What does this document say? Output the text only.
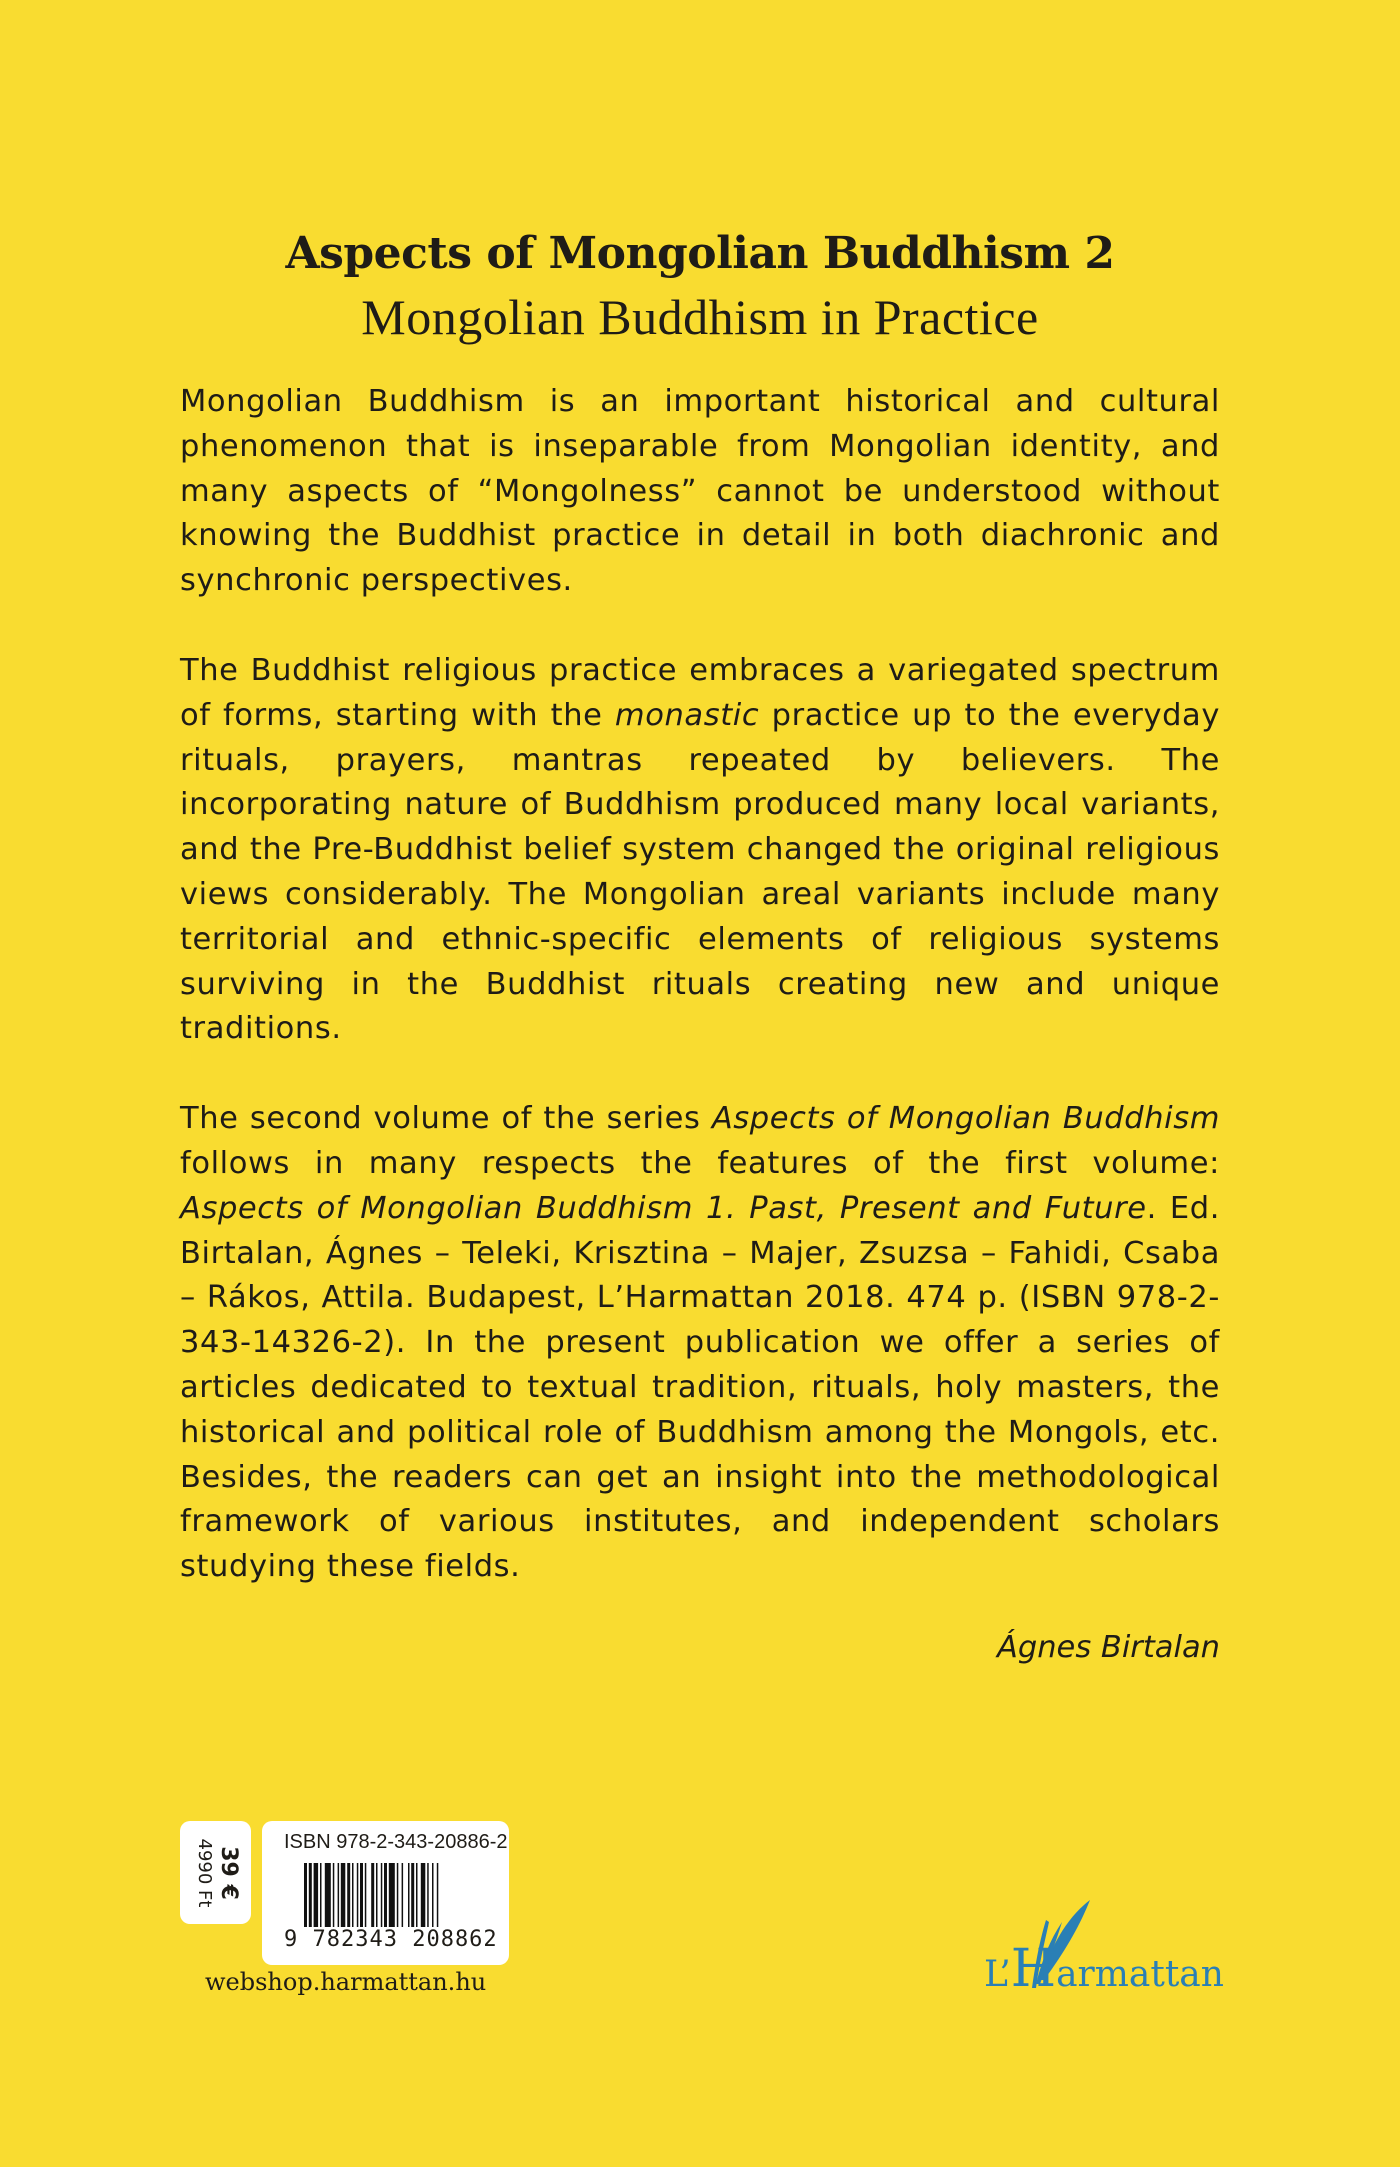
Aspects of Mongolian Buddhism 2
Mongolian Buddhism in Practice

Mongolian Buddhism is an important historical and cultural phenomenon that is inseparable from Mongolian identity, and many aspects of “Mongolness” cannot be understood without knowing the Buddhist practice in detail in both diachronic and synchronic perspectives.

The Buddhist religious practice embraces a variegated spectrum of forms, starting with the monastic practice up to the everyday rituals, prayers, mantras repeated by believers. The incorporating nature of Buddhism produced many local variants, and the Pre-Buddhist belief system changed the original religious views considerably. The Mongolian areal variants include many territorial and ethnic-specific elements of religious systems surviving in the Buddhist rituals creating new and unique traditions.

The second volume of the series Aspects of Mongolian Buddhism follows in many respects the features of the first volume: Aspects of Mongolian Buddhism 1. Past, Present and Future. Ed. Birtalan, Ágnes – Teleki, Krisztina – Majer, Zsuzsa – Fahidi, Csaba – Rákos, Attila. Budapest, L’Harmattan 2018. 474 p. (ISBN 978-2-343-14326-2). In the present publication we offer a series of articles dedicated to textual tradition, rituals, holy masters, the historical and political role of Buddhism among the Mongols, etc. Besides, the readers can get an insight into the methodological framework of various institutes, and independent scholars studying these fields.

Ágnes Birtalan
39 €
4990 Ft	ISBN 978-2-343-20886-2
9 782343 208862
webshop.harmattan.hu	L’Harmattan
